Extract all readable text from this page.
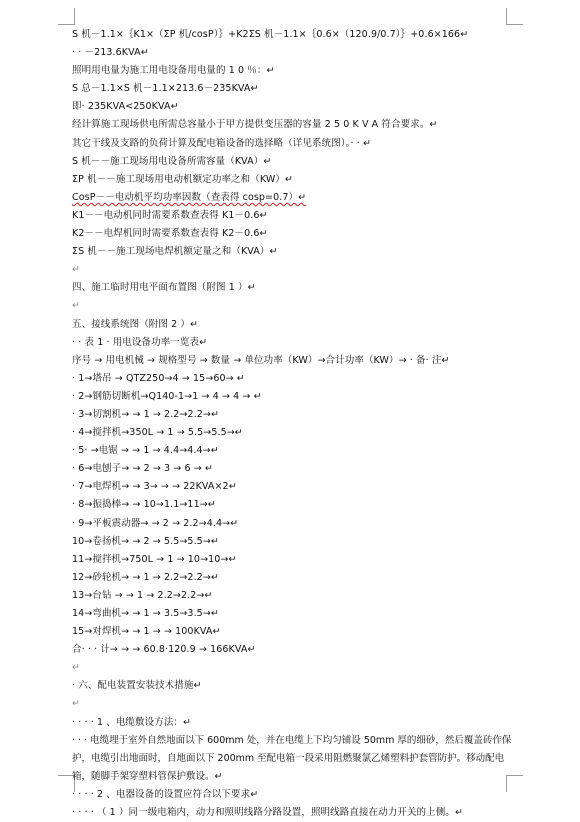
S 机－1.1×｛K1×（ΣP 机/cosP）｝+K2ΣS 机－1.1×｛0.6×（120.9/0.7）｝+0.6×166↵
· · －213.6KVA↵
照明用电量为施工用电设备用电量的 1 0 ％：↵
S 总－1.1×S 机－1.1×213.6－235KVA↵
即· 235KVA<250KVA↵
经计算施工现场供电所需总容量小于甲方提供变压器的容量 2 5 0 K V A 符合要求。↵
其它干线及支路的负荷计算及配电箱设备的选择略（详见系统图）。· · ↵
S 机－－施工现场用电设备所需容量（KVA）↵
ΣP 机－－施工现场用电动机额定功率之和（KW）↵
CosP－－电动机平均功率因数（查表得 cosp=0.7）↵
K1－－电动机同时需要系数查表得 K1－0.6↵
K2－－电焊机同时需要系数查表得 K2－0.6↵
ΣS 机－－施工现场电焊机额定量之和（KVA）↵
↵
四、施工临时用电平面布置图（附图 1 ）↵
↵
五、接线系统图（附图 2 ）↵
· · 表 1 · 用电设备功率一览表↵
序号 → 用电机械 → 规格型号 → 数量 → 单位功率（KW）→合计功率（KW）→ · 备· 注↵
· 1→塔吊 → QTZ250→4 → 15→60→ ↵
· 2→钢筋切断机→Q140-1→1 → 4 → 4 → ↵
· 3→切割机→ → 1 → 2.2→2.2→↵
· 4→搅拌机→350L → 1 → 5.5→5.5→↵
· 5· →电锯 → → 1 → 4.4→4.4→↵
· 6→电刨子→ → 2 → 3 → 6 → ↵
· 7→电焊机→ → 3→ → → 22KVA×2↵
· 8→振捣棒→ → 10→1.1→11→↵
· 9→平板震动器→ → 2 → 2.2→4.4→↵
10→卷扬机→ → 2 → 5.5→5.5→↵
11→搅拌机→750L → 1 → 10→10→↵
12→砂轮机→ → 1 → 2.2→2.2→↵
13→台钻 → → 1 → 2.2→2.2→↵
14→弯曲机→ → 1 → 3.5→3.5→↵
15→对焊机→ → 1 → → 100KVA↵
合· · · 计→ → → 60.8·120.9 → 166KVA↵
↵
· 六、配电装置安装技术措施↵
↵
· · · · 1 、电缆敷设方法：↵
· · · 电缆埋于室外自然地面以下 600mm 处，并在电缆上下均匀铺设 50mm 厚的细砂，然后覆盖砖作保护，电缆引出地面时，自地面以下 200mm 至配电箱一段采用阻燃聚氯乙烯塑料护套管防护。移动配电箱，随脚手架穿塑料管保护敷设。↵
· · · · 2 、电器设备的设置应符合以下要求↵
· · · · （ 1 ）同一级电箱内，动力和照明线路分路设置，照明线路直接在动力开关的上侧。↵
